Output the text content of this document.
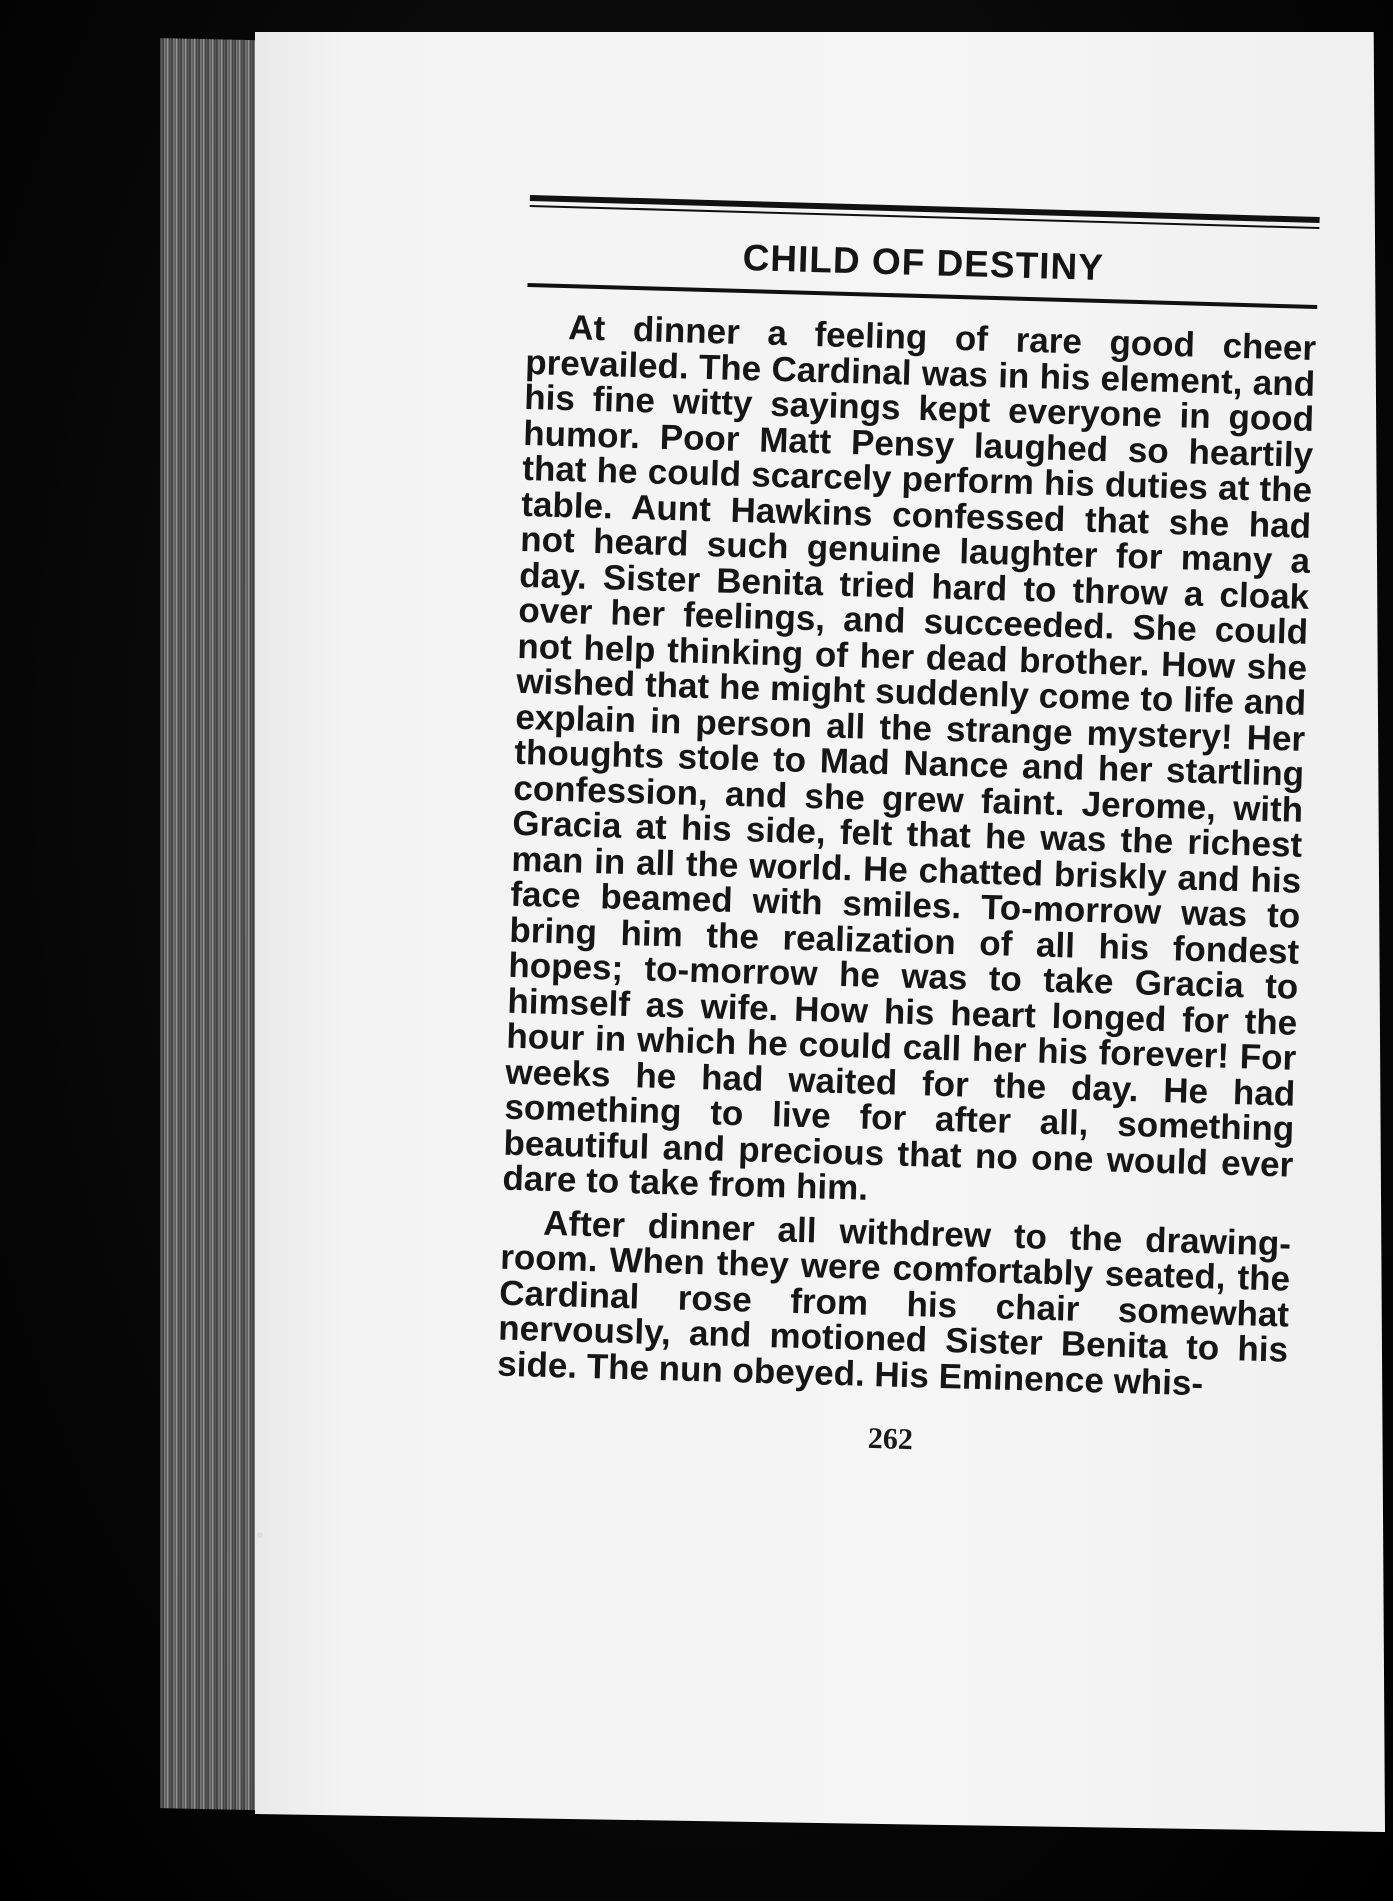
CHILD OF DESTINY

At dinner a feeling of rare good cheer prevailed. The Cardinal was in his element, and his fine witty sayings kept everyone in good humor. Poor Matt Pensy laughed so heartily that he could scarcely perform his duties at the table. Aunt Hawkins confessed that she had not heard such genuine laughter for many a day. Sister Benita tried hard to throw a cloak over her feelings, and succeeded. She could not help thinking of her dead brother. How she wished that he might suddenly come to life and explain in person all the strange mystery! Her thoughts stole to Mad Nance and her startling confession, and she grew faint. Jerome, with Gracia at his side, felt that he was the richest man in all the world. He chatted briskly and his face beamed with smiles. To-morrow was to bring him the realization of all his fondest hopes; to-morrow he was to take Gracia to himself as wife. How his heart longed for the hour in which he could call her his forever! For weeks he had waited for the day. He had something to live for after all, something beautiful and precious that no one would ever dare to take from him.

After dinner all withdrew to the drawing-room. When they were comfortably seated, the Cardinal rose from his chair somewhat nervously, and motioned Sister Benita to his side. The nun obeyed. His Eminence whis-

262
